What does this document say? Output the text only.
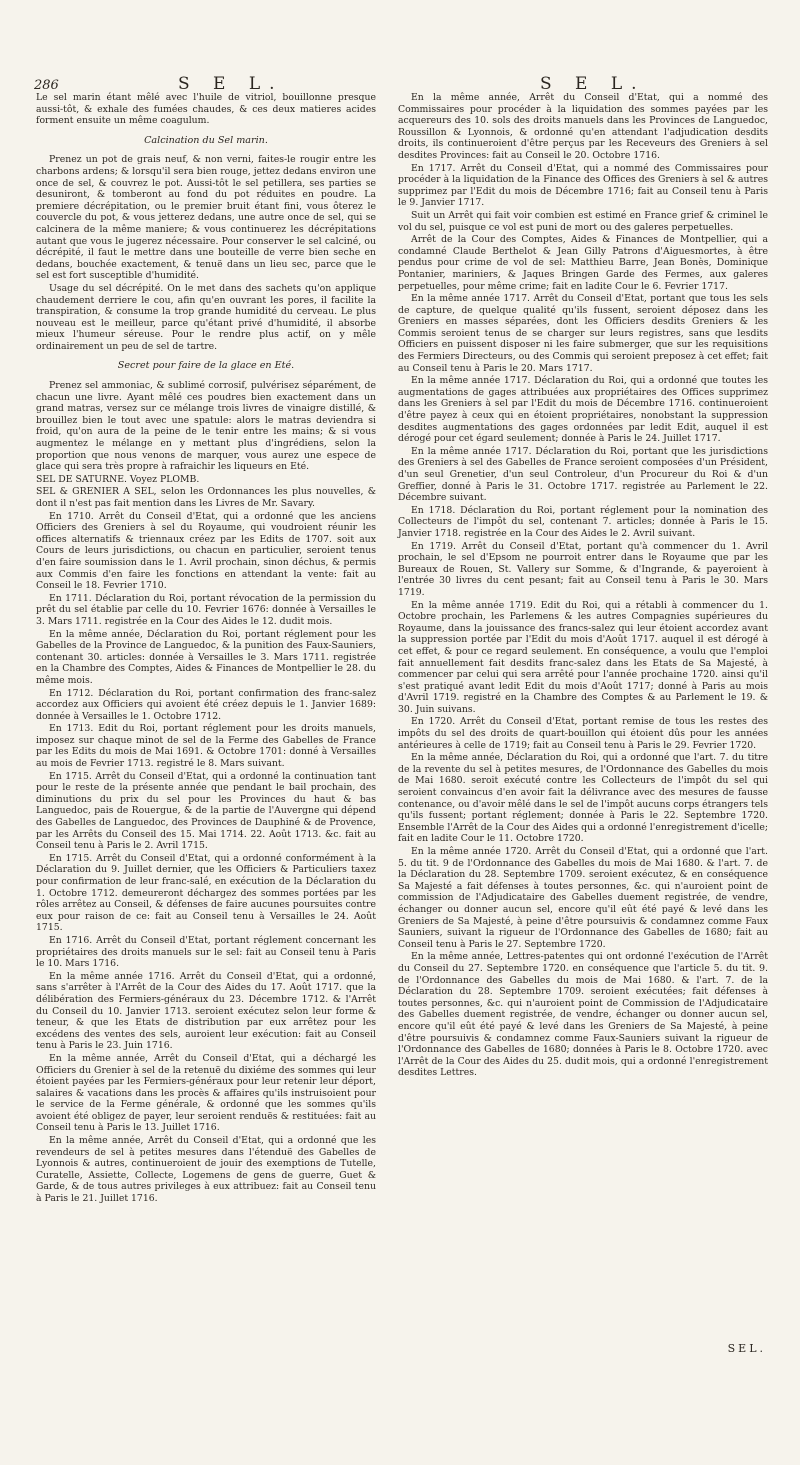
286	S E L.	S E L.

Le sel marin étant mêlé avec l'huile de vitriol, bouillonne presque aussi-tôt, & exhale des fumées chaudes, & ces deux matieres acides forment ensuite un même coagulum.

Calcination du Sel marin.

Prenez un pot de grais neuf, & non verni, faites-le rougir entre les charbons ardens; & lorsqu'il sera bien rouge, jettez dedans environ une once de sel, & couvrez le pot. Aussi-tôt le sel petillera, ses parties se desuniront, & tomberont au fond du pot réduites en poudre. La premiere décrépitation, ou le premier bruit étant fini, vous ôterez le couvercle du pot, & vous jetterez dedans, une autre once de sel, qui se calcinera de la même maniere; & vous continuerez les décrépitations autant que vous le jugerez nécessaire. Pour conserver le sel calciné, ou décrépité, il faut le mettre dans une bouteille de verre bien seche en dedans, bouchée exactement, & tenuë dans un lieu sec, parce que le sel est fort susceptible d'humidité.

Usage du sel décrépité. On le met dans des sachets qu'on applique chaudement derriere le cou, afin qu'en ouvrant les pores, il facilite la transpiration, & consume la trop grande humidité du cerveau. Le plus nouveau est le meilleur, parce qu'étant privé d'humidité, il absorbe mieux l'humeur séreuse. Pour le rendre plus actif, on y mêle ordinairement un peu de sel de tartre.

Secret pour faire de la glace en Eté.

Prenez sel ammoniac, & sublimé corrosif, pulvérisez séparément, de chacun une livre. Ayant mêlé ces poudres bien exactement dans un grand matras, versez sur ce mélange trois livres de vinaigre distillé, & brouillez bien le tout avec une spatule: alors le matras deviendra si froid, qu'on aura de la peine de le tenir entre les mains; & si vous augmentez le mélange en y mettant plus d'ingrédiens, selon la proportion que nous venons de marquer, vous aurez une espece de glace qui sera très propre à rafraichir les liqueurs en Eté.

SEL DE SATURNE. Voyez PLOMB.

SEL & GRENIER A SEL, selon les Ordonnances les plus nouvelles, & dont il n'est pas fait mention dans les Livres de Mr. Savary.

En 1710. Arrêt du Conseil d'Etat, qui a ordonné que les anciens Officiers des Greniers à sel du Royaume, qui voudroient réunir les offices alternatifs & triennaux créez par les Edits de 1707. soit aux Cours de leurs jurisdictions, ou chacun en particulier, seroient tenus d'en faire soumission dans le 1. Avril prochain, sinon déchus, & permis aux Commis d'en faire les fonctions en attendant la vente: fait au Conseil le 18. Fevrier 1710.

En 1711. Déclaration du Roi, portant révocation de la permission du prêt du sel établie par celle du 10. Fevrier 1676: donnée à Versailles le 3. Mars 1711. registrée en la Cour des Aides le 12. dudit mois.

En la même année, Déclaration du Roi, portant réglement pour les Gabelles de la Province de Languedoc, & la punition des Faux-Sauniers, contenant 30. articles: donnée à Versailles le 3. Mars 1711. registrée en la Chambre des Comptes, Aides & Finances de Montpellier le 28. du même mois.

En 1712. Déclaration du Roi, portant confirmation des franc-salez accordez aux Officiers qui avoient été créez depuis le 1. Janvier 1689: donnée à Versailles le 1. Octobre 1712.

En 1713. Edit du Roi, portant réglement pour les droits manuels, imposez sur chaque minot de sel de la Ferme des Gabelles de France par les Edits du mois de Mai 1691. & Octobre 1701: donné à Versailles au mois de Fevrier 1713. registré le 8. Mars suivant.

En 1715. Arrêt du Conseil d'Etat, qui a ordonné la continuation tant pour le reste de la présente année que pendant le bail prochain, des diminutions du prix du sel pour les Provinces du haut & bas Languedoc, pais de Rouergue, & de la partie de l'Auvergne qui dépend des Gabelles de Languedoc, des Provinces de Dauphiné & de Provence, par les Arrêts du Conseil des 15. Mai 1714. 22. Août 1713. &c. fait au Conseil tenu à Paris le 2. Avril 1715.

En 1715. Arrêt du Conseil d'Etat, qui a ordonné conformément à la Déclaration du 9. Juillet dernier, que les Officiers & Particuliers taxez pour confirmation de leur franc-salé, en exécution de la Déclaration du 1. Octobre 1712. demeureront déchargez des sommes portées par les rôles arrêtez au Conseil, & défenses de faire aucunes poursuites contre eux pour raison de ce: fait au Conseil tenu à Versailles le 24. Août 1715.

En 1716. Arrêt du Conseil d'Etat, portant réglement concernant les propriétaires des droits manuels sur le sel: fait au Conseil tenu à Paris le 10. Mars 1716.

En la même année 1716. Arrêt du Conseil d'Etat, qui a ordonné, sans s'arrêter à l'Arrêt de la Cour des Aides du 17. Août 1717. que la délibération des Fermiers-généraux du 23. Décembre 1712. & l'Arrêt du Conseil du 10. Janvier 1713. seroient exécutez selon leur forme & teneur, & que les Etats de distribution par eux arrêtez pour les excédens des ventes des sels, auroient leur exécution: fait au Conseil tenu à Paris le 23. Juin 1716.

En la même année, Arrêt du Conseil d'Etat, qui a déchargé les Officiers du Grenier à sel de la retenuë du dixiéme des sommes qui leur étoient payées par les Fermiers-généraux pour leur retenir leur déport, salaires & vacations dans les procès & affaires qu'ils instruisoient pour le service de la Ferme générale, & ordonné que les sommes qu'ils avoient été obligez de payer, leur seroient renduës & restituées: fait au Conseil tenu à Paris le 13. Juillet 1716.

En la même année, Arrêt du Conseil d'Etat, qui a ordonné que les revendeurs de sel à petites mesures dans l'étenduë des Gabelles de Lyonnois & autres, continueroient de jouir des exemptions de Tutelle, Curatelle, Assiette, Collecte, Logemens de gens de guerre, Guet & Garde, & de tous autres privileges à eux attribuez: fait au Conseil tenu à Paris le 21. Juillet 1716.

En la même année, Arrêt du Conseil d'Etat, qui a nommé des Commissaires pour procéder à la liquidation des sommes payées par les acquereurs des 10. sols des droits manuels dans les Provinces de Languedoc, Roussillon & Lyonnois, & ordonné qu'en attendant l'adjudication desdits droits, ils continueroient d'être perçus par les Receveurs des Greniers à sel desdites Provinces: fait au Conseil le 20. Octobre 1716.

En 1717. Arrêt du Conseil d'Etat, qui a nommé des Commissaires pour procéder à la liquidation de la Finance des Offices des Greniers à sel & autres supprimez par l'Edit du mois de Décembre 1716; fait au Conseil tenu à Paris le 9. Janvier 1717.

Suit un Arrêt qui fait voir combien est estimé en France grief & criminel le vol du sel, puisque ce vol est puni de mort ou des galeres perpetuelles.

Arrêt de la Cour des Comptes, Aides & Finances de Montpellier, qui a condamné Claude Berthelot & Jean Gilly Patrons d'Aiguesmortes, à être pendus pour crime de vol de sel: Matthieu Barre, Jean Bonès, Dominique Pontanier, mariniers, & Jaques Bringen Garde des Fermes, aux galeres perpetuelles, pour même crime; fait en ladite Cour le 6. Fevrier 1717.

En la même année 1717. Arrêt du Conseil d'Etat, portant que tous les sels de capture, de quelque qualité qu'ils fussent, seroient déposez dans les Greniers en masses séparées, dont les Officiers desdits Greniers & les Commis seroient tenus de se charger sur leurs registres, sans que lesdits Officiers en puissent disposer ni les faire submerger, que sur les requisitions des Fermiers Directeurs, ou des Commis qui seroient preposez à cet effet; fait au Conseil tenu à Paris le 20. Mars 1717.

En la même année 1717. Déclaration du Roi, qui a ordonné que toutes les augmentations de gages attribuées aux propriétaires des Offices supprimez dans les Greniers à sel par l'Edit du mois de Décembre 1716. continueroient d'être payez à ceux qui en étoient propriétaires, nonobstant la suppression desdites augmentations des gages ordonnées par ledit Edit, auquel il est dérogé pour cet égard seulement; donnée à Paris le 24. Juillet 1717.

En la même année 1717. Déclaration du Roi, portant que les jurisdictions des Greniers à sel des Gabelles de France seroient composées d'un Président, d'un seul Grenetier, d'un seul Controleur, d'un Procureur du Roi & d'un Greffier, donné à Paris le 31. Octobre 1717. registrée au Parlement le 22. Décembre suivant.

En 1718. Déclaration du Roi, portant réglement pour la nomination des Collecteurs de l'impôt du sel, contenant 7. articles; donnée à Paris le 15. Janvier 1718. registrée en la Cour des Aides le 2. Avril suivant.

En 1719. Arrêt du Conseil d'Etat, portant qu'à commencer du 1. Avril prochain, le sel d'Epsom ne pourroit entrer dans le Royaume que par les Bureaux de Rouen, St. Vallery sur Somme, & d'Ingrande, & payeroient à l'entrée 30 livres du cent pesant; fait au Conseil tenu à Paris le 30. Mars 1719.

En la même année 1719. Edit du Roi, qui a rétabli à commencer du 1. Octobre prochain, les Parlemens & les autres Compagnies supérieures du Royaume, dans la jouissance des francs-salez qui leur étoient accordez avant la suppression portée par l'Edit du mois d'Août 1717. auquel il est dérogé à cet effet, & pour ce regard seulement. En conséquence, a voulu que l'emploi fait annuellement fait desdits franc-salez dans les Etats de Sa Majesté, à commencer par celui qui sera arrêté pour l'année prochaine 1720. ainsi qu'il s'est pratiqué avant ledit Edit du mois d'Août 1717; donné à Paris au mois d'Avril 1719. registré en la Chambre des Comptes & au Parlement le 19. & 30. Juin suivans.

En 1720. Arrêt du Conseil d'Etat, portant remise de tous les restes des impôts du sel des droits de quart-bouillon qui étoient dûs pour les années antérieures à celle de 1719; fait au Conseil tenu à Paris le 29. Fevrier 1720.

En la même année, Déclaration du Roi, qui a ordonné que l'art. 7. du titre de la revente du sel à petites mesures, de l'Ordonnance des Gabelles du mois de Mai 1680. seroit exécuté contre les Collecteurs de l'impôt du sel qui seroient convaincus d'en avoir fait la délivrance avec des mesures de fausse contenance, ou d'avoir mêlé dans le sel de l'impôt aucuns corps étrangers tels qu'ils fussent; portant réglement; donnée à Paris le 22. Septembre 1720. Ensemble l'Arrêt de la Cour des Aides qui a ordonné l'enregistrement d'icelle; fait en ladite Cour le 11. Octobre 1720.

En la même année 1720. Arrêt du Conseil d'Etat, qui a ordonné que l'art. 5. du tit. 9 de l'Ordonnance des Gabelles du mois de Mai 1680. & l'art. 7. de la Déclaration du 28. Septembre 1709. seroient exécutez, & en conséquence Sa Majesté a fait défenses à toutes personnes, &c. qui n'auroient point de commission de l'Adjudicataire des Gabelles duement registrée, de vendre, échanger ou donner aucun sel, encore qu'il eût été payé & levé dans les Greniers de Sa Majesté, à peine d'être poursuivis & condamnez comme Faux Sauniers, suivant la rigueur de l'Ordonnance des Gabelles de 1680; fait au Conseil tenu à Paris le 27. Septembre 1720.

En la même année, Lettres-patentes qui ont ordonné l'exécution de l'Arrêt du Conseil du 27. Septembre 1720. en conséquence que l'article 5. du tit. 9. de l'Ordonnance des Gabelles du mois de Mai 1680. & l'art. 7. de la Déclaration du 28. Septembre 1709. seroient exécutées; fait défenses à toutes personnes, &c. qui n'auroient point de Commission de l'Adjudicataire des Gabelles duement registrée, de vendre, échanger ou donner aucun sel, encore qu'il eût été payé & levé dans les Greniers de Sa Majesté, à peine d'être poursuivis & condamnez comme Faux-Sauniers suivant la rigueur de l'Ordonnance des Gabelles de 1680; données à Paris le 8. Octobre 1720. avec l'Arrêt de la Cour des Aides du 25. dudit mois, qui a ordonné l'enregistrement desdites Lettres.

SEL.
